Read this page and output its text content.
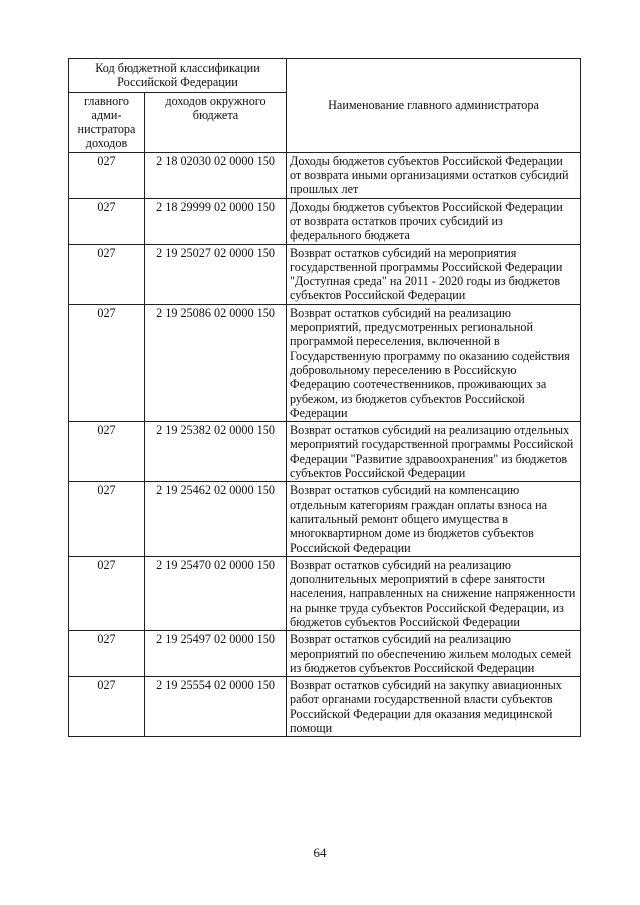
Код бюджетной классификации Российской Федерации		Наименование главного администратора
главного адми-нистратора доходов	доходов окружного бюджета	
027	2 18 02030 02 0000 150	Доходы бюджетов субъектов Российской Федерации от возврата иными организациями остатков субсидий прошлых лет
027	2 18 29999 02 0000 150	Доходы бюджетов субъектов Российской Федерации от возврата остатков прочих субсидий из федерального бюджета
027	2 19 25027 02 0000 150	Возврат остатков субсидий на мероприятия государственной программы Российской Федерации "Доступная среда" на 2011 - 2020 годы из бюджетов субъектов Российской Федерации
027	2 19 25086 02 0000 150	Возврат остатков субсидий на реализацию мероприятий, предусмотренных региональной программой переселения, включенной в Государственную программу по оказанию содействия добровольному переселению в Российскую Федерацию соотечественников, проживающих за рубежом, из бюджетов субъектов Российской Федерации
027	2 19 25382 02 0000 150	Возврат остатков субсидий на реализацию отдельных мероприятий государственной программы Российской Федерации "Развитие здравоохранения" из бюджетов субъектов Российской Федерации
027	2 19 25462 02 0000 150	Возврат остатков субсидий на компенсацию отдельным категориям граждан оплаты взноса на капитальный ремонт общего имущества в многоквартирном доме из бюджетов субъектов Российской Федерации
027	2 19 25470 02 0000 150	Возврат остатков субсидий на реализацию дополнительных мероприятий в сфере занятости населения, направленных на снижение напряженности на рынке труда субъектов Российской Федерации, из бюджетов субъектов Российской Федерации
027	2 19 25497 02 0000 150	Возврат остатков субсидий на реализацию мероприятий по обеспечению жильем молодых семей из бюджетов субъектов Российской Федерации
027	2 19 25554 02 0000 150	Возврат остатков субсидий на закупку авиационных работ органами государственной власти субъектов Российской Федерации для оказания медицинской помощи
64
